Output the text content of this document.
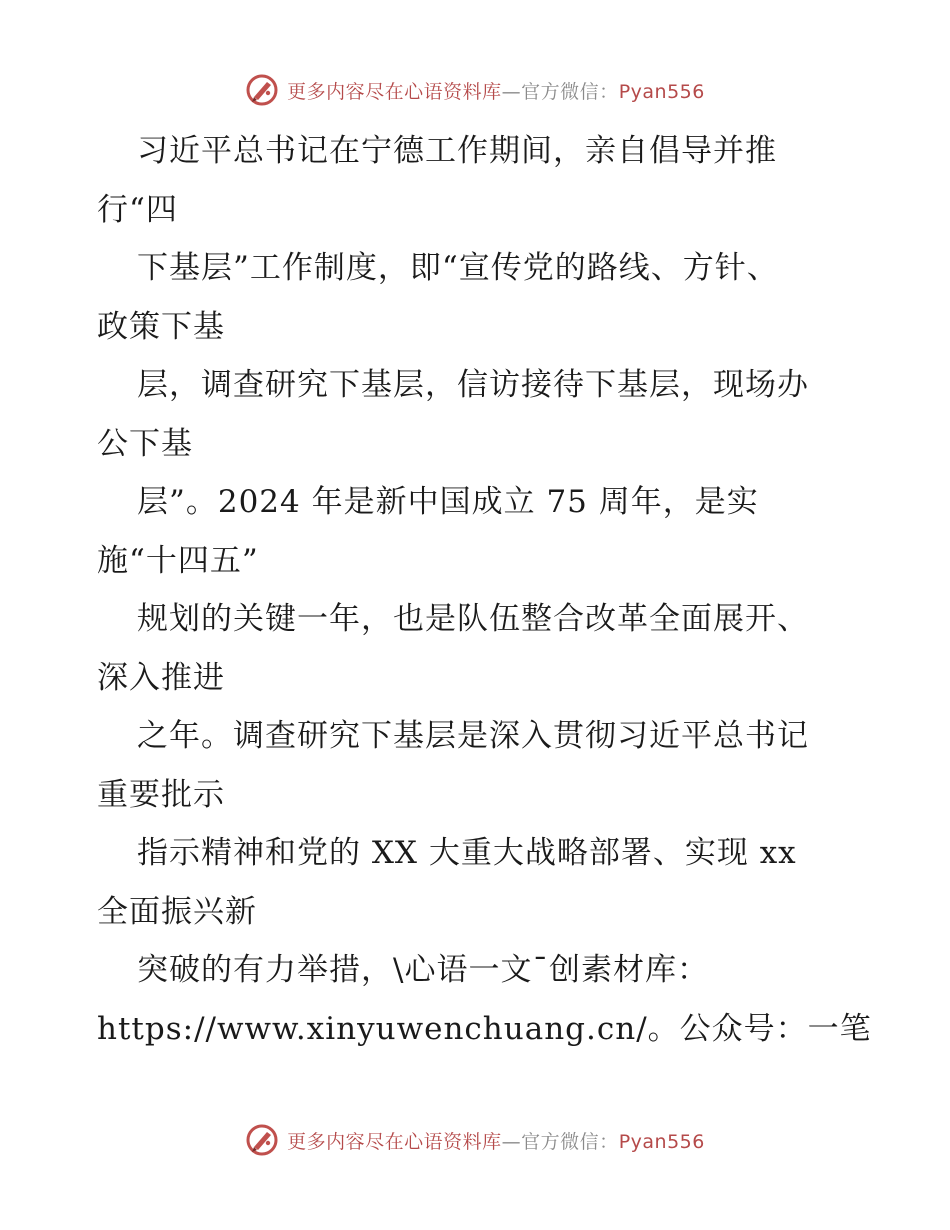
更多内容尽在心语资料库—官方微信：Pyan556
习近平总书记在宁德工作期间，亲自倡导并推
行“四
下基层”工作制度，即“宣传党的路线、方针、
政策下基
层，调查研究下基层，信访接待下基层，现场办
公下基
层”。2024 年是新中国成立 75 周年，是实
施“十四五”
规划的关键一年，也是队伍整合改革全面展开、
深入推进
之年。调查研究下基层是深入贯彻习近平总书记
重要批示
指示精神和党的 XX 大重大战略部署、实现 xx
全面振兴新
突破的有力举措，\心语一文¯创素材库：
https://www.xinyuwenchuang.cn/。公众号：一笔
更多内容尽在心语资料库—官方微信：Pyan556
